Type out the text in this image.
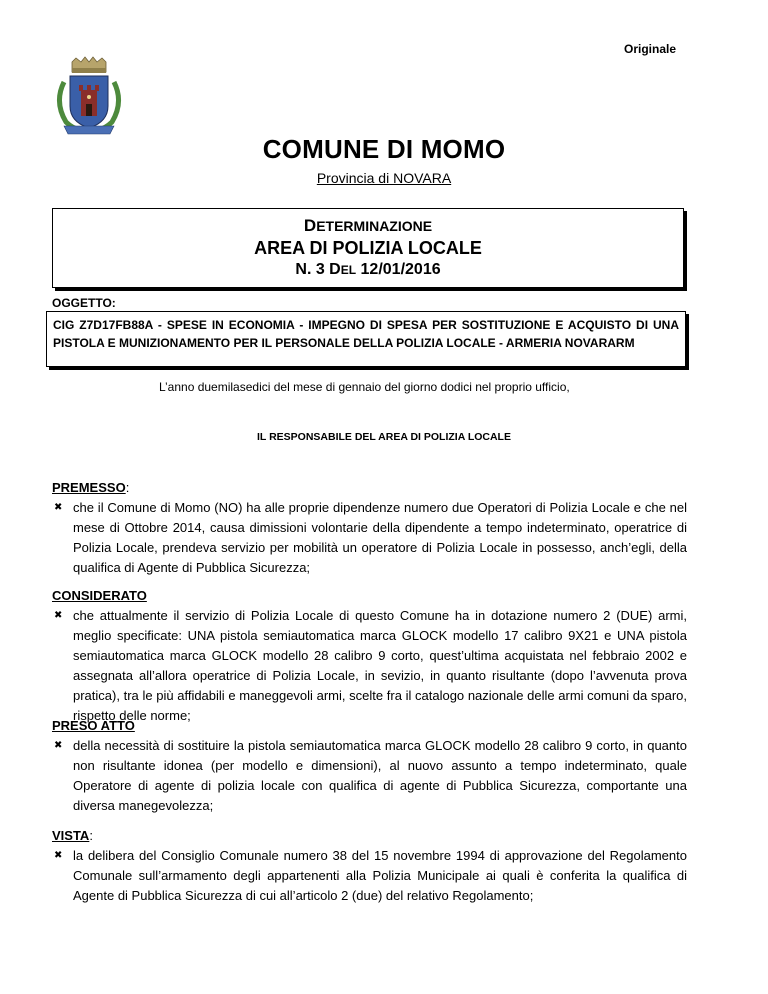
Originale
COMUNE DI MOMO
Provincia di NOVARA
DETERMINAZIONE
AREA DI POLIZIA LOCALE
N. 3 DEL 12/01/2016
OGGETTO:
CIG Z7D17FB88A - SPESE IN ECONOMIA - IMPEGNO DI SPESA PER SOSTITUZIONE E ACQUISTO DI UNA PISTOLA E MUNIZIONAMENTO PER IL PERSONALE DELLA POLIZIA LOCALE - ARMERIA NOVARARM
L’anno duemilasedici del mese di gennaio del giorno dodici nel proprio ufficio,
IL RESPONSABILE DEL AREA DI POLIZIA LOCALE
PREMESSO:
✖ che il Comune di Momo (NO) ha alle proprie dipendenze numero due Operatori di Polizia Locale e che nel mese di Ottobre 2014, causa dimissioni volontarie della dipendente a tempo indeterminato, operatrice di Polizia Locale, prendeva servizio per mobilità un operatore di Polizia Locale in possesso, anch’egli, della qualifica di Agente di Pubblica Sicurezza;
CONSIDERATO
✖ che attualmente il servizio di Polizia Locale di questo Comune ha in dotazione numero 2 (DUE) armi, meglio specificate: UNA pistola semiautomatica marca GLOCK modello 17 calibro 9X21 e UNA pistola semiautomatica marca GLOCK modello 28 calibro 9 corto, quest’ultima acquistata nel febbraio 2002 e assegnata all’allora operatrice di Polizia Locale, in sevizio, in quanto risultante (dopo l’avvenuta prova pratica), tra le più affidabili e maneggevoli armi, scelte fra il catalogo nazionale delle armi comuni da sparo, rispetto delle norme;
PRESO ATTO
✖ della necessità di sostituire la pistola semiautomatica marca GLOCK modello 28 calibro 9 corto, in quanto non risultante idonea (per modello e dimensioni), al nuovo assunto a tempo indeterminato, quale Operatore di agente di polizia locale con qualifica di agente di Pubblica Sicurezza, comportante una diversa manegevolezza;
VISTA:
✖ la delibera del Consiglio Comunale numero 38 del 15 novembre 1994 di approvazione del Regolamento Comunale sull’armamento degli appartenenti alla Polizia Municipale ai quali è conferita la qualifica di Agente di Pubblica Sicurezza di cui all’articolo 2 (due) del relativo Regolamento;
